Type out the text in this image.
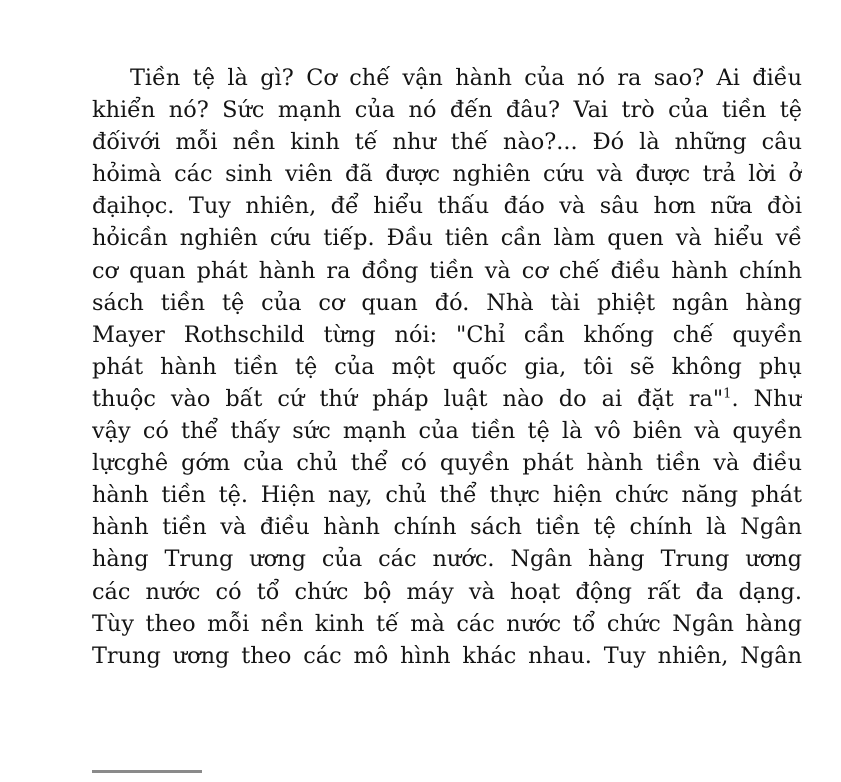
Tiền tệ là gì? Cơ chế vận hành của nó ra sao? Ai điều
khiển nó? Sức mạnh của nó đến đâu? Vai trò của tiền tệ
đốivới mỗi nền kinh tế như thế nào?... Đó là những câu
hỏimà các sinh viên đã được nghiên cứu và được trả lời ở
đạihọc. Tuy nhiên, để hiểu thấu đáo và sâu hơn nữa đòi
hỏicần nghiên cứu tiếp. Đầu tiên cần làm quen và hiểu về
cơ quan phát hành ra đồng tiền và cơ chế điều hành chính
sách tiền tệ của cơ quan đó. Nhà tài phiệt ngân hàng
Mayer Rothschild từng nói: "Chỉ cần khống chế quyền
phát hành tiền tệ của một quốc gia, tôi sẽ không phụ
thuộc vào bất cứ thứ pháp luật nào do ai đặt ra"$^1$. Như
vậy có thể thấy sức mạnh của tiền tệ là vô biên và quyền
lựcghê gớm của chủ thể có quyền phát hành tiền và điều
hành tiền tệ. Hiện nay, chủ thể thực hiện chức năng phát
hành tiền và điều hành chính sách tiền tệ chính là Ngân
hàng Trung ương của các nước. Ngân hàng Trung ương
các nước có tổ chức bộ máy và hoạt động rất đa dạng.
Tùy theo mỗi nền kinh tế mà các nước tổ chức Ngân hàng
Trung ương theo các mô hình khác nhau. Tuy nhiên, Ngân
